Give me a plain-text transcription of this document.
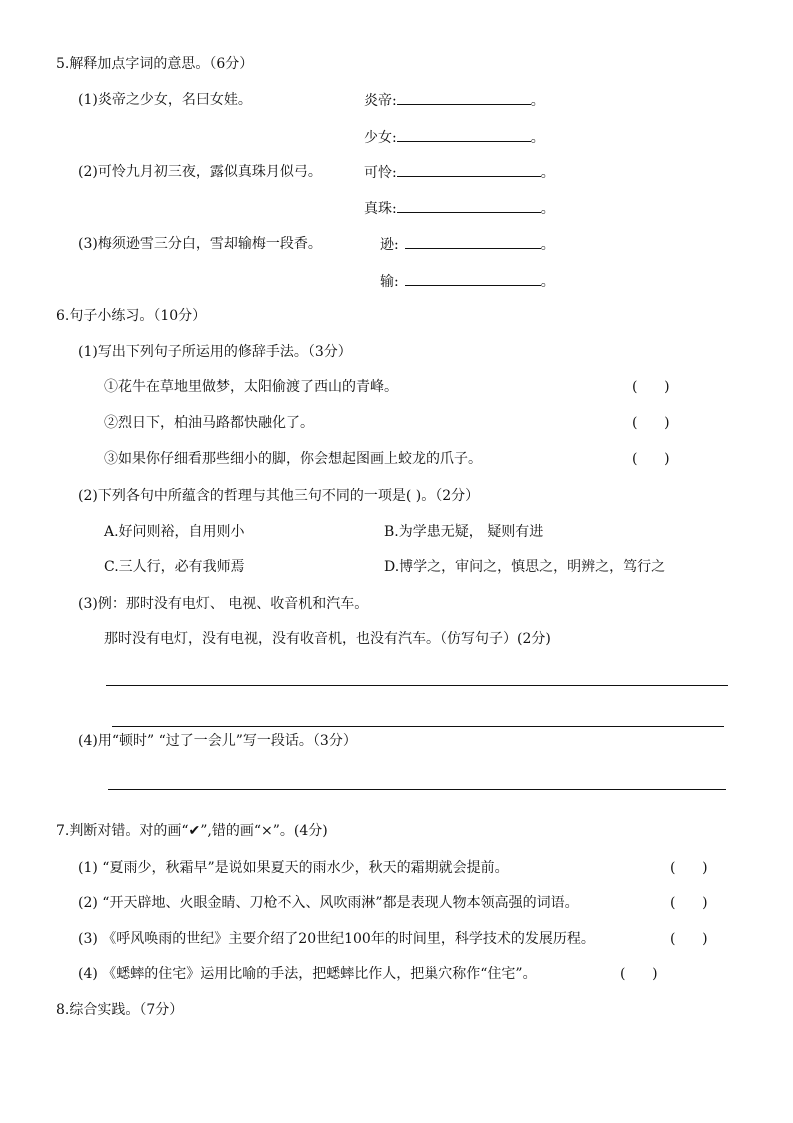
5.解释加点字词的意思。（6分）
(1)炎帝之少女，名曰女娃。	炎帝:	。
少女:	。
(2)可怜九月初三夜，露似真珠月似弓。	可怜:	。
真珠:	。
(3)梅须逊雪三分白，雪却输梅一段香。	逊:	。
输:	。
6.句子小练习。（10分）
(1)写出下列句子所运用的修辞手法。（3分）
①花牛在草地里做梦，太阳偷渡了西山的青峰。	(      )
②烈日下，柏油马路都快融化了。	(      )
③如果你仔细看那些细小的脚，你会想起图画上蛟龙的爪子。	(      )
(2)下列各句中所蕴含的哲理与其他三句不同的一项是( )。（2分）
A.好问则裕，自用则小	B.为学患无疑， 疑则有进
C.三人行，必有我师焉	D.博学之，审问之，慎思之，明辨之，笃行之
(3)例：那时没有电灯、 电视、收音机和汽车。
那时没有电灯，没有电视，没有收音机，也没有汽车。（仿写句子）(2分)
(4)用“顿时” “过了一会儿”写一段话。（3分）
7.判断对错。对的画“✔”,错的画“×”。(4分)
(1) “夏雨少，秋霜早”是说如果夏天的雨水少，秋天的霜期就会提前。	(      )
(2) “开天辟地、火眼金睛、刀枪不入、风吹雨淋”都是表现人物本领高强的词语。	(      )
(3) 《呼风唤雨的世纪》主要介绍了20世纪100年的时间里，科学技术的发展历程。	(      )
(4) 《蟋蟀的住宅》运用比喻的手法，把蟋蟀比作人，把巢穴称作“住宅”。	(      )
8.综合实践。（7分）
